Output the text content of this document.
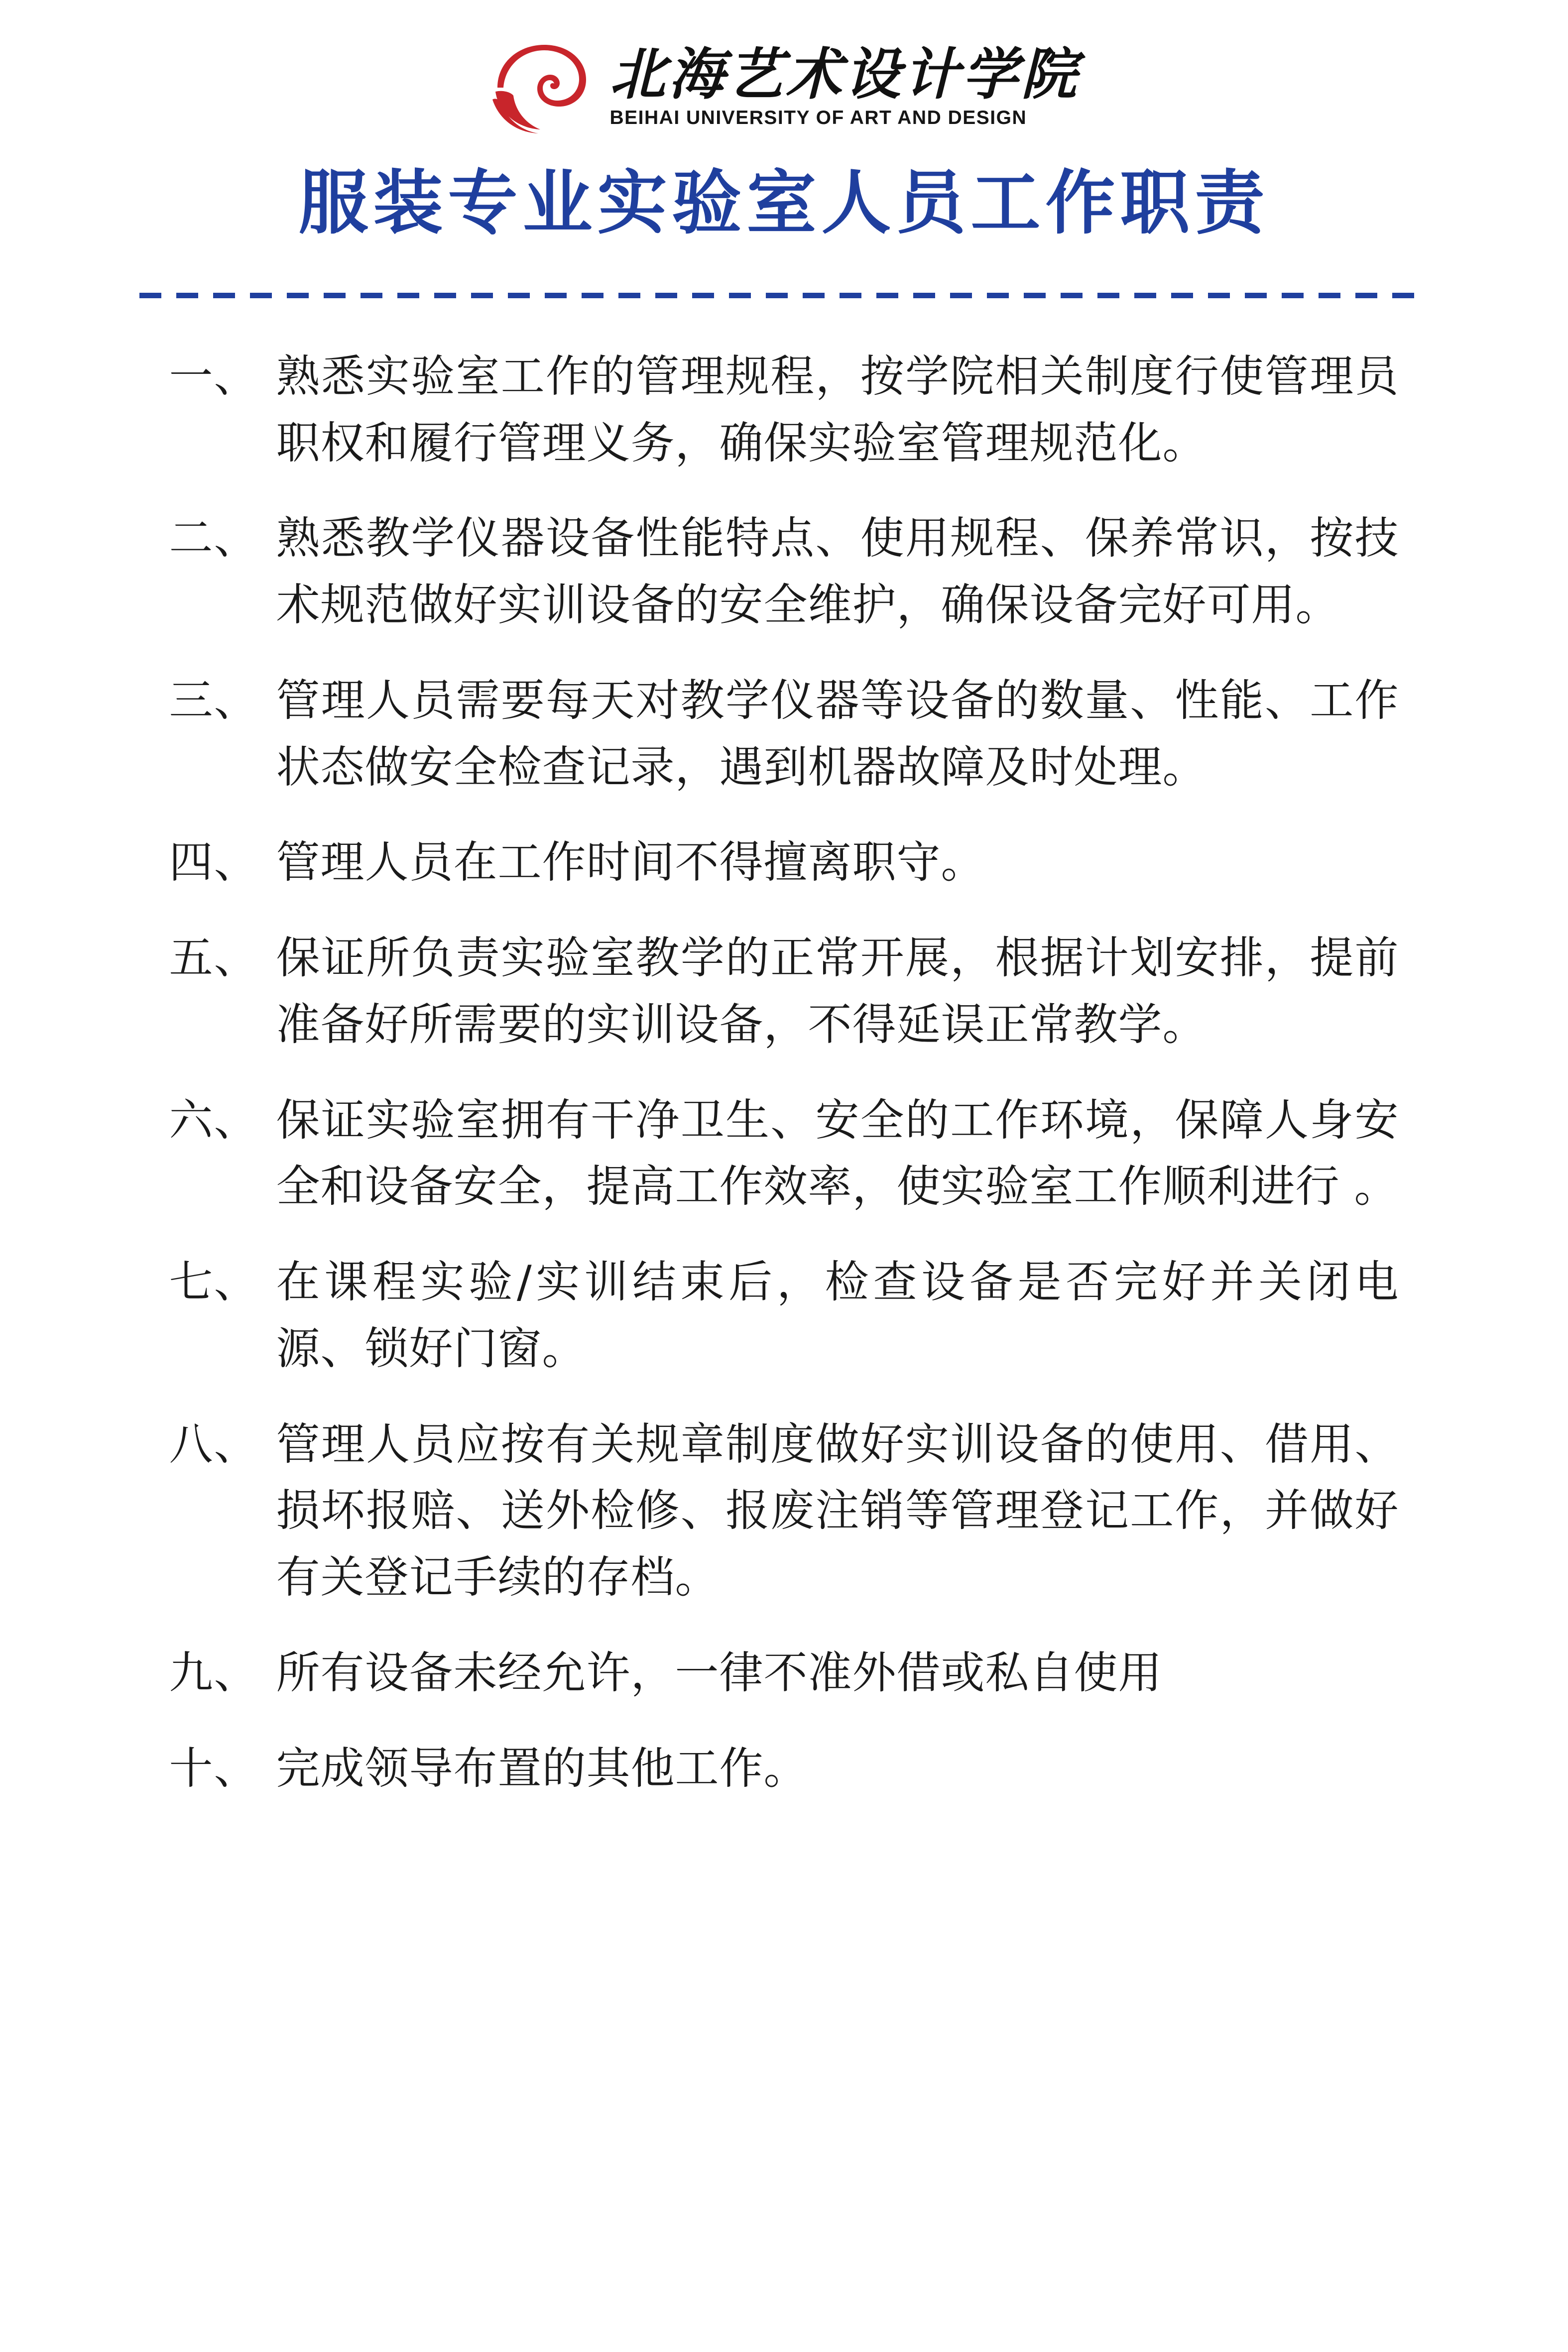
北海艺术设计学院
BEIHAI UNIVERSITY OF ART AND DESIGN
服装专业实验室人员工作职责
一、 熟悉实验室工作的管理规程，按学院相关制度行使管理员职权和履行管理义务，确保实验室管理规范化。
二、 熟悉教学仪器设备性能特点、使用规程、保养常识，按技术规范做好实训设备的安全维护，确保设备完好可用。
三、 管理人员需要每天对教学仪器等设备的数量、性能、工作状态做安全检查记录，遇到机器故障及时处理。
四、 管理人员在工作时间不得擅离职守。
五、 保证所负责实验室教学的正常开展，根据计划安排，提前准备好所需要的实训设备，不得延误正常教学。
六、 保证实验室拥有干净卫生、安全的工作环境，保障人身安全和设备安全，提高工作效率，使实验室工作顺利进行 。
七、 在课程实验/实训结束后，检查设备是否完好并关闭电源、锁好门窗。
八、 管理人员应按有关规章制度做好实训设备的使用、借用、损坏报赔、送外检修、报废注销等管理登记工作，并做好有关登记手续的存档。
九、 所有设备未经允许，一律不准外借或私自使用
十、 完成领导布置的其他工作。
